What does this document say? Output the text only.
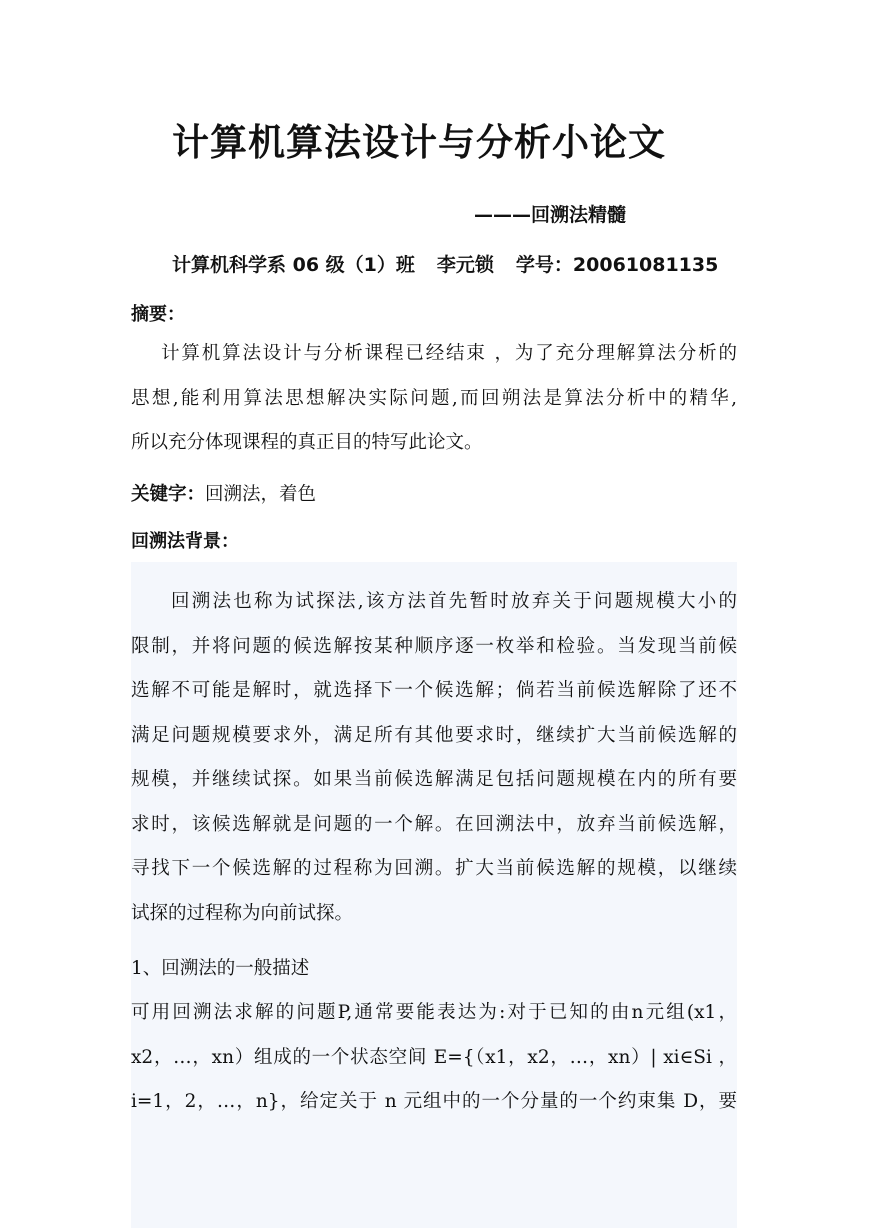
计算机算法设计与分析小论文
———回溯法精髓
计算机科学系 06 级（1）班 李元锁 学号：20061081135
摘要：
计算机算法设计与分析课程已经结束 ，为了充分理解算法分析的
思想,能利用算法思想解决实际问题,而回朔法是算法分析中的精华,
所以充分体现课程的真正目的特写此论文。
关键字：回溯法，着色
回溯法背景：
回溯法也称为试探法,该方法首先暂时放弃关于问题规模大小的
限制，并将问题的候选解按某种顺序逐一枚举和检验。当发现当前候
选解不可能是解时，就选择下一个候选解；倘若当前候选解除了还不
满足问题规模要求外，满足所有其他要求时，继续扩大当前候选解的
规模，并继续试探。如果当前候选解满足包括问题规模在内的所有要
求时，该候选解就是问题的一个解。在回溯法中，放弃当前候选解，
寻找下一个候选解的过程称为回溯。扩大当前候选解的规模，以继续
试探的过程称为向前试探。
1、回溯法的一般描述
可用回溯法求解的问题P,通常要能表达为:对于已知的由n元组(x1，
x2，…，xn）组成的一个状态空间 E={（x1，x2，…，xn）| xi∈Si ，
i=1，2，…，n}，给定关于 n 元组中的一个分量的一个约束集 D，要
